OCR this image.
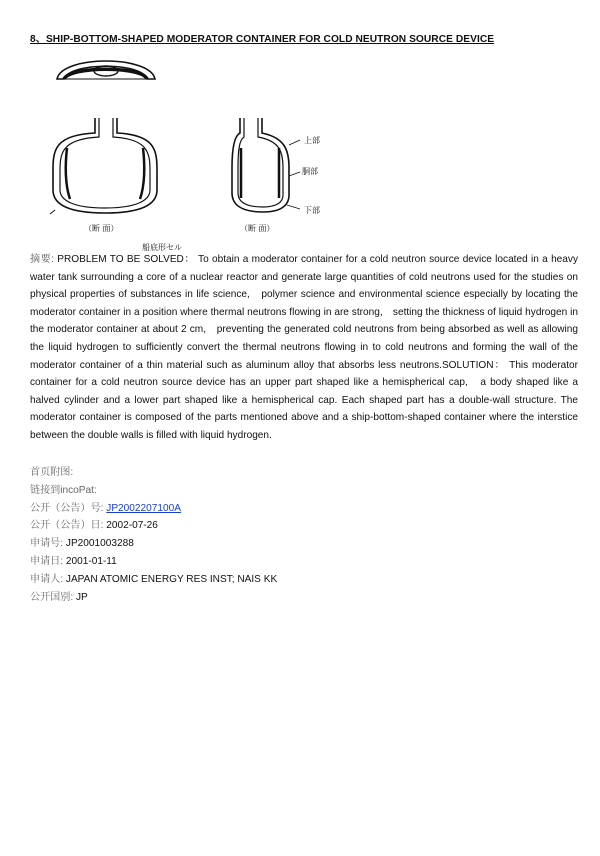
8、SHIP-BOTTOM-SHAPED MODERATOR CONTAINER FOR COLD NEUTRON SOURCE DEVICE
上部
胴部
下部
（断 面）	（断 面）
船底形セル
摘要: PROBLEM TO BE SOLVED： To obtain a moderator container for a cold neutron source device located in a heavy water tank surrounding a core of a nuclear reactor and generate large quantities of cold neutrons used for the studies on physical properties of substances in life science,　polymer science and environmental science especially by locating the moderator container in a position where thermal neutrons flowing in are strong,　setting the thickness of liquid hydrogen in the moderator container at about 2 cm,　preventing the generated cold neutrons from being absorbed as well as allowing the liquid hydrogen to sufficiently convert the thermal neutrons flowing in to cold neutrons and forming the wall of the moderator container of a thin material such as aluminum alloy that absorbs less neutrons.SOLUTION： This moderator container for a cold neutron source device has an upper part shaped like a hemispherical cap,　a body shaped like a halved cylinder and a lower part shaped like a hemispherical cap. Each shaped part has a double-wall structure. The moderator container is composed of the parts mentioned above and a ship-bottom-shaped container where the interstice between the double walls is filled with liquid hydrogen.
首页附图:
链接到incoPat:
公开（公告）号: JP2002207100A
公开（公告）日: 2002-07-26
申请号: JP2001003288
申请日: 2001-01-11
申请人: JAPAN ATOMIC ENERGY RES INST; NAIS KK
公开国别: JP
